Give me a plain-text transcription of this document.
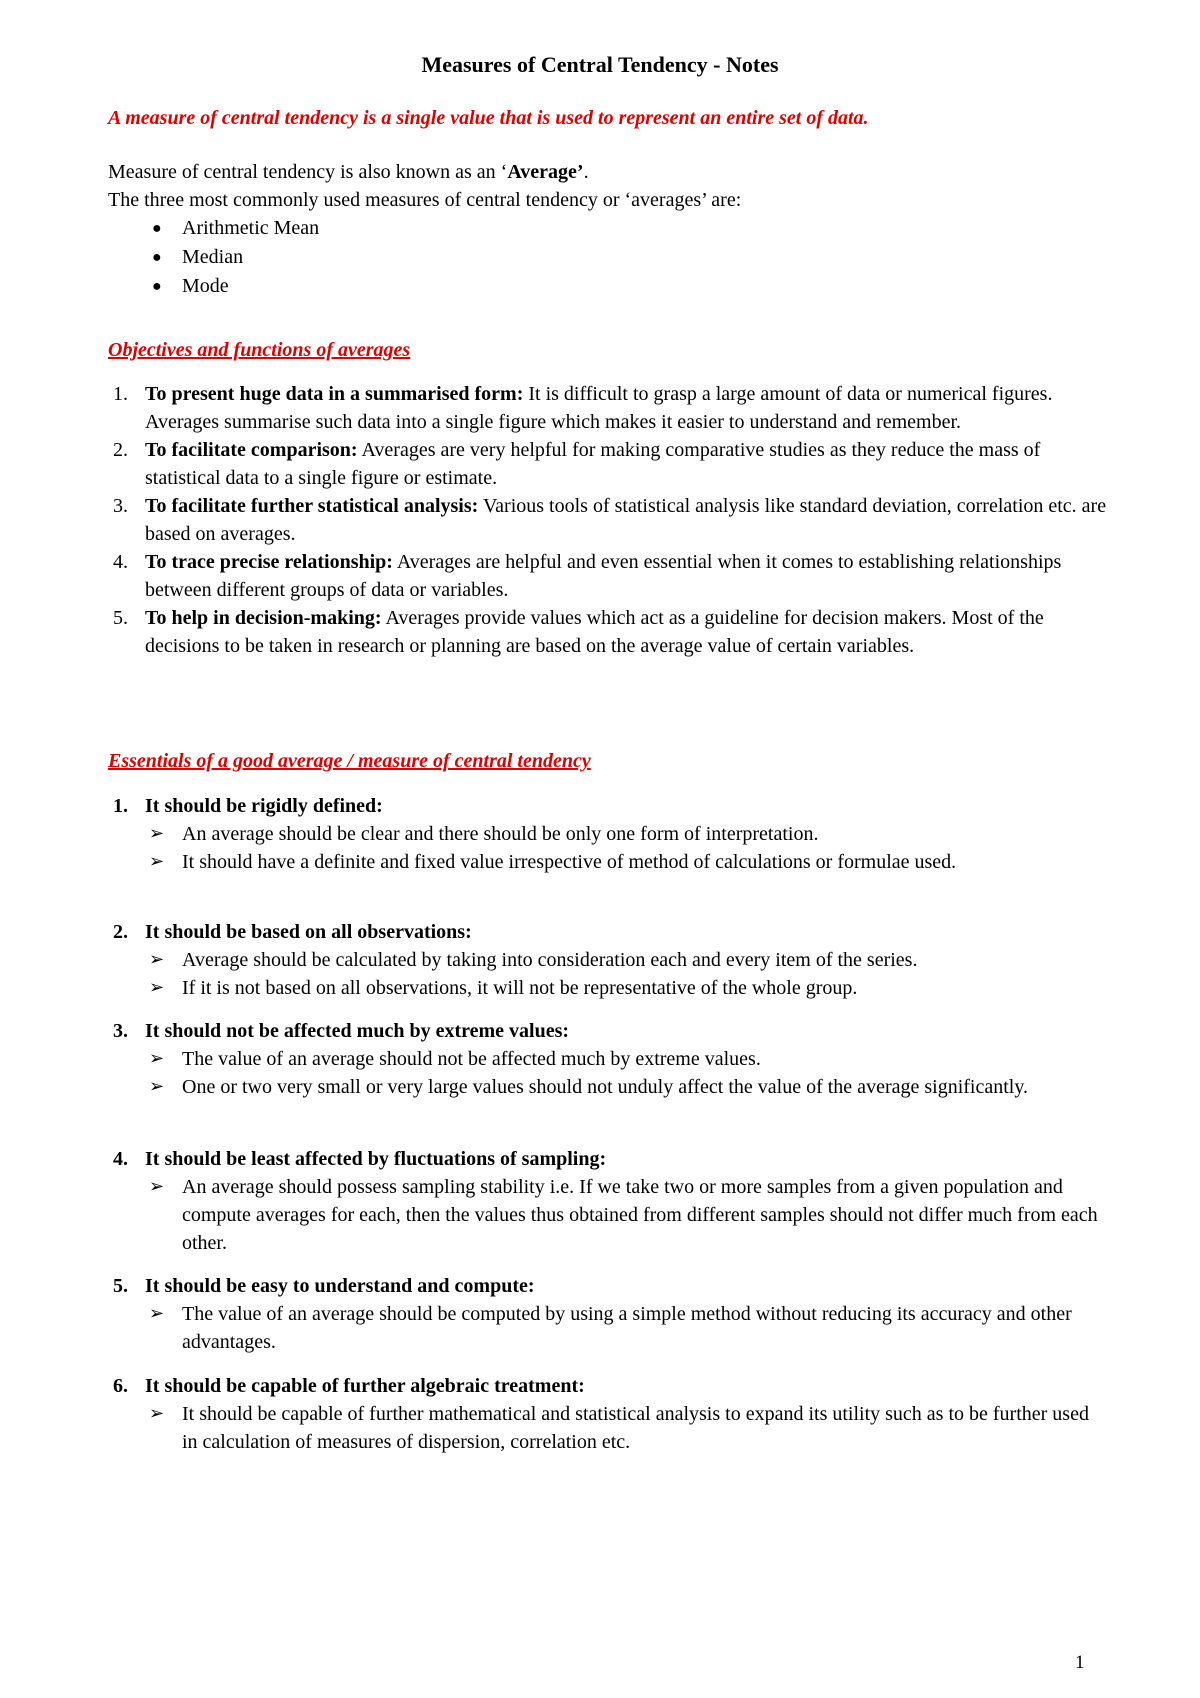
Measures of Central Tendency - Notes
A measure of central tendency is a single value that is used to represent an entire set of data.

Measure of central tendency is also known as an ‘Average’.

The three most commonly used measures of central tendency or ‘averages’ are:

● Arithmetic Mean
● Median
● Mode
Objectives and functions of averages
1. To present huge data in a summarised form: It is difficult to grasp a large amount of data or numerical figures. Averages summarise such data into a single figure which makes it easier to understand and remember.
2. To facilitate comparison: Averages are very helpful for making comparative studies as they reduce the mass of statistical data to a single figure or estimate.
3. To facilitate further statistical analysis: Various tools of statistical analysis like standard deviation, correlation etc. are based on averages.
4. To trace precise relationship: Averages are helpful and even essential when it comes to establishing relationships between different groups of data or variables.
5. To help in decision-making: Averages provide values which act as a guideline for decision makers. Most of the decisions to be taken in research or planning are based on the average value of certain variables.
Essentials of a good average / measure of central tendency
1. It should be rigidly defined:
➢ An average should be clear and there should be only one form of interpretation.
➢ It should have a definite and fixed value irrespective of method of calculations or formulae used.
2. It should be based on all observations:
➢ Average should be calculated by taking into consideration each and every item of the series.
➢ If it is not based on all observations, it will not be representative of the whole group.
3. It should not be affected much by extreme values:
➢ The value of an average should not be affected much by extreme values.
➢ One or two very small or very large values should not unduly affect the value of the average significantly.
4. It should be least affected by fluctuations of sampling:
➢ An average should possess sampling stability i.e. If we take two or more samples from a given population and compute averages for each, then the values thus obtained from different samples should not differ much from each other.
5. It should be easy to understand and compute:
➢ The value of an average should be computed by using a simple method without reducing its accuracy and other advantages.
6. It should be capable of further algebraic treatment:
➢ It should be capable of further mathematical and statistical analysis to expand its utility such as to be further used in calculation of measures of dispersion, correlation etc.
1
